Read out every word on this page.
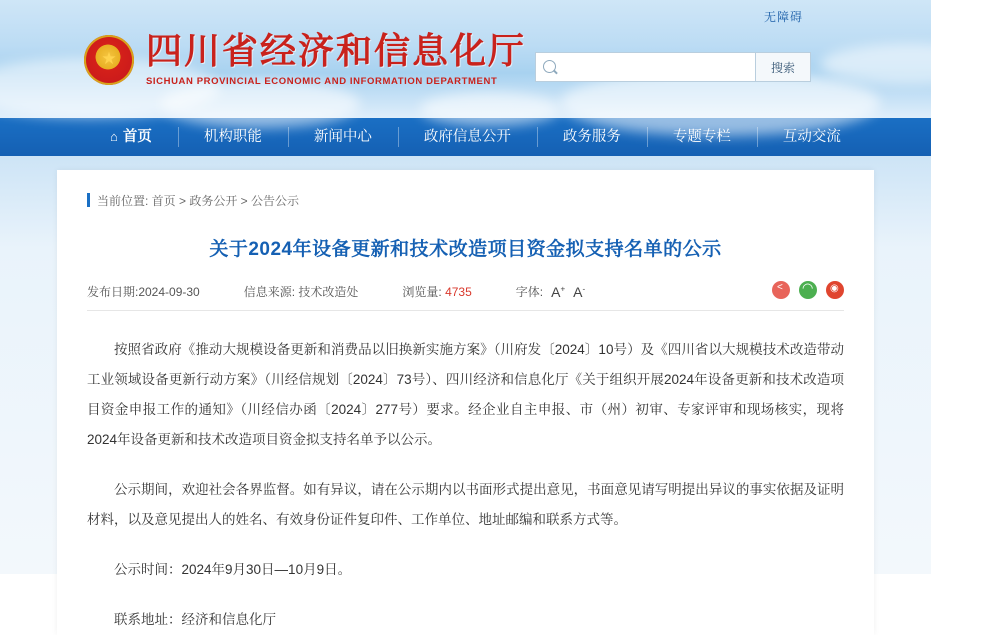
无障碍
★
四川省经济和信息化厅
SICHUAN PROVINCIAL ECONOMIC AND INFORMATION DEPARTMENT
搜索
⌂ 首页	机构职能	新闻中心	政府信息公开	政务服务	专题专栏	互动交流
当前位置: 首页 > 政务公开 > 公告公示
关于2024年设备更新和技术改造项目资金拟支持名单的公示
发布日期:2024-09-30	信息来源: 技术改造处	浏览量: 4735	字体: A+ A-
<
◠
◉

按照省政府《推动大规模设备更新和消费品以旧换新实施方案》（川府发〔2024〕10号）及《四川省以大规模技术改造带动工业领域设备更新行动方案》（川经信规划〔2024〕73号）、四川经济和信息化厅《关于组织开展2024年设备更新和技术改造项目资金申报工作的通知》（川经信办函〔2024〕277号）要求。经企业自主申报、市（州）初审、专家评审和现场核实，现将2024年设备更新和技术改造项目资金拟支持名单予以公示。

公示期间，欢迎社会各界监督。如有异议，请在公示期内以书面形式提出意见，书面意见请写明提出异议的事实依据及证明材料，以及意见提出人的姓名、有效身份证件复印件、工作单位、地址邮编和联系方式等。

公示时间：2024年9月30日—10月9日。

联系地址：经济和信息化厅
